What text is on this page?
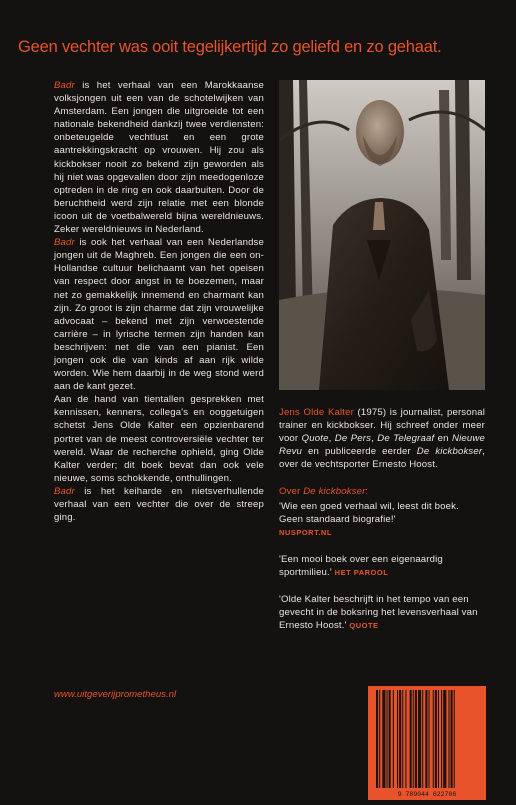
Geen vechter was ooit tegelijkertijd zo geliefd en zo gehaat.

Badr is het verhaal van een Marokkaanse volksjongen uit een van de schotelwijken van Amsterdam. Een jongen die uitgroeide tot een nationale bekendheid dankzij twee verdiensten: onbeteugelde vechtlust en een grote aantrekkingskracht op vrouwen. Hij zou als kickbokser nooit zo bekend zijn geworden als hij niet was opgevallen door zijn meedogenloze optreden in de ring en ook daarbuiten. Door de beruchtheid werd zijn relatie met een blonde icoon uit de voetbalwereld bijna wereldnieuws. Zeker wereldnieuws in Nederland.

Badr is ook het verhaal van een Nederlandse jongen uit de Maghreb. Een jongen die een on-Hollandse cultuur belichaamt van het opeisen van respect door angst in te boezemen, maar net zo gemakkelijk innemend en charmant kan zijn. Zo groot is zijn charme dat zijn vrouwelijke advocaat – bekend met zijn verwoestende carrière – in lyrische termen zijn handen kan beschrijven: net die van een pianist. Een jongen ook die van kinds af aan rijk wilde worden. Wie hem daarbij in de weg stond werd aan de kant gezet.

Aan de hand van tientallen gesprekken met kennissen, kenners, collega's en ooggetuigen schetst Jens Olde Kalter een opzienbarend portret van de meest controversiële vechter ter wereld. Waar de recherche ophield, ging Olde Kalter verder; dit boek bevat dan ook vele nieuwe, soms schokkende, onthullingen.

Badr is het keiharde en nietsverhullende verhaal van een vechter die over de streep ging.

www.uitgeverijprometheus.nl

Jens Olde Kalter (1975) is journalist, personal trainer en kickbokser. Hij schreef onder meer voor Quote, De Pers, De Telegraaf en Nieuwe Revu en publiceerde eerder De kickbokser, over de vechtsporter Ernesto Hoost.

Over De kickbokser:

'Wie een goed verhaal wil, leest dit boek. Geen standaard biografie!'
NUSPORT.NL

'Een mooi boek over een eigenaardig sportmilieu.' HET PAROOL

'Olde Kalter beschrijft in het tempo van een gevecht in de boksring het levensverhaal van Ernesto Hoost.' QUOTE

9 789044 622706
